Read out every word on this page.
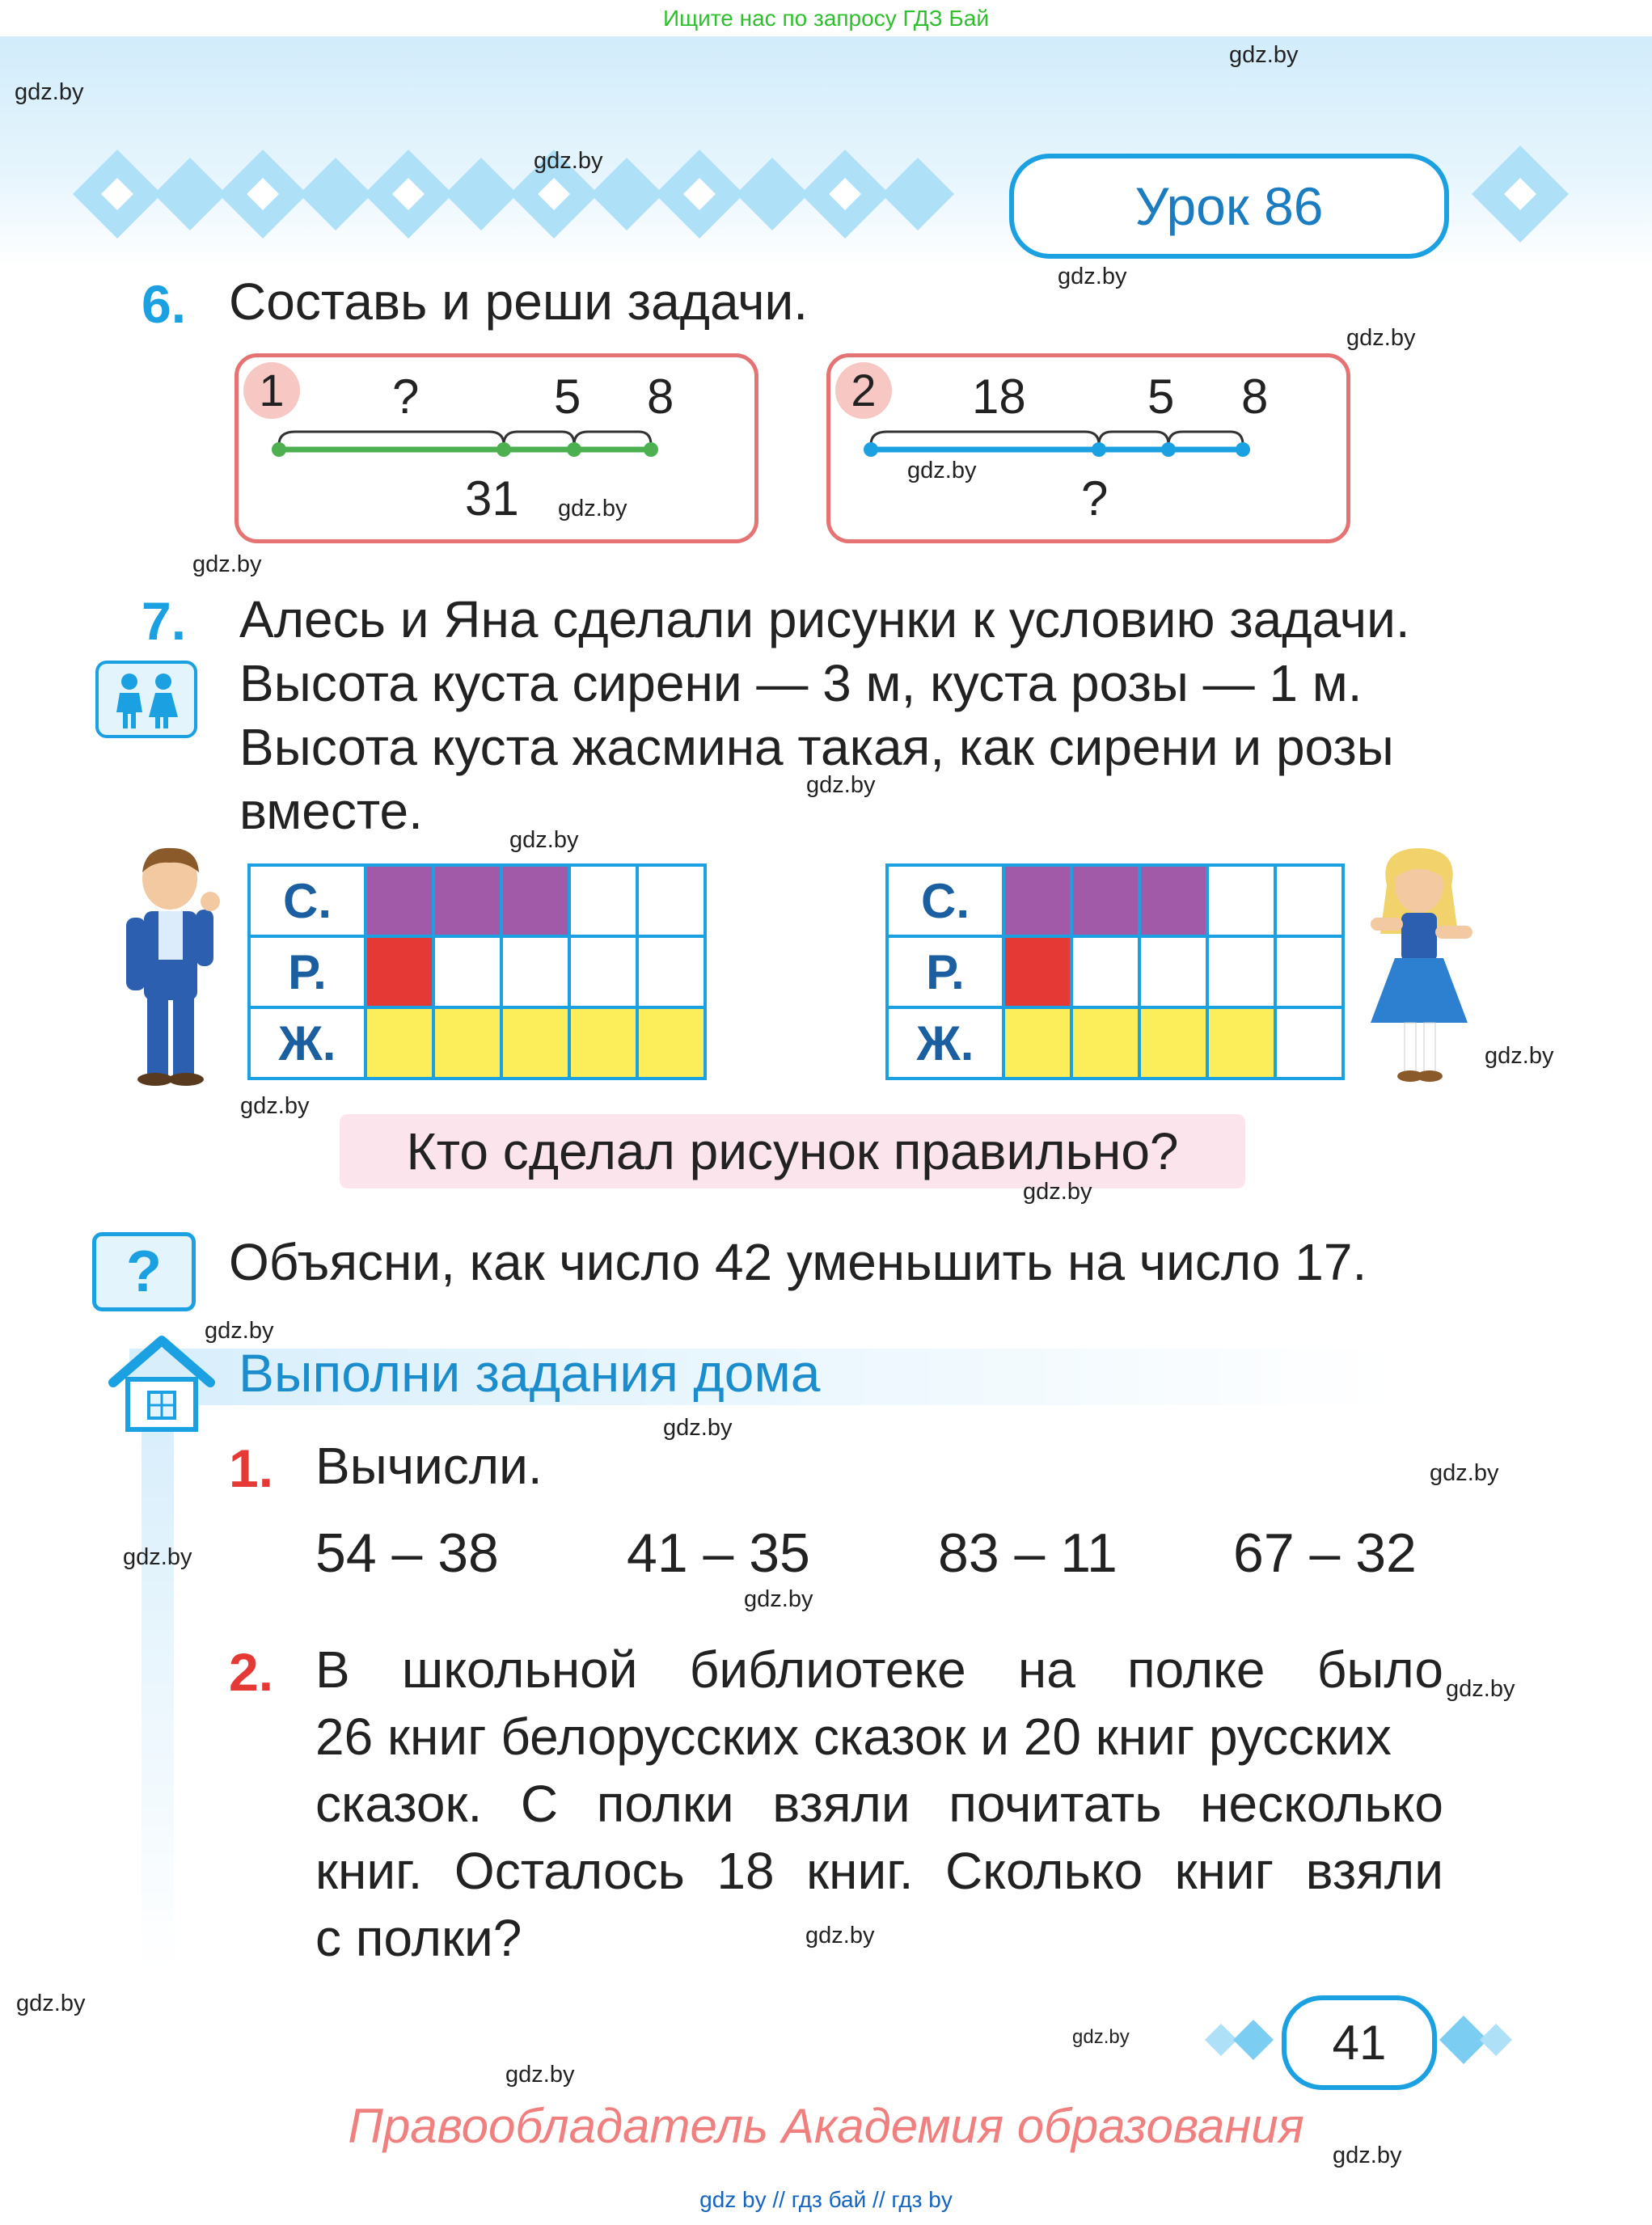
Ищите нас по запросу ГДЗ Бай
Урок 86
6. Составь и реши задачи.
1	?	5 8
31
2	18	5 8
?
7. Алесь и Яна сделали рисунки к условию задачи.
Высота куста сирени — 3 м, куста розы — 1 м.
Высота куста жасмина такая, как сирени и розы
вместе.
С.					
Р.					
Ж.					
С.					
Р.					
Ж.					
Кто сделал рисунок правильно?
?	Объясни, как число 42 уменьшить на число 17.
Выполни задания дома
1. Вычисли.
54 – 38 41 – 35 83 – 11 67 – 32
2. В школьной библиотеке на полке было
26 книг белорусских сказок и 20 книг русских
сказок. С полки взяли почитать несколько
книг. Осталось 18 книг. Сколько книг взяли
с полки?
41
Правообладатель Академия образования
gdz by // гдз бай // гдз by
gdz.by
gdz.by
gdz.by
gdz.by
gdz.by
gdz.by
gdz.by
gdz.by
gdz.by
gdz.by
gdz.by
gdz.by
gdz.by
gdz.by
gdz.by
gdz.by
gdz.by
gdz.by
gdz.by
gdz.by
gdz.by
gdz.by
gdz.by
gdz.by
